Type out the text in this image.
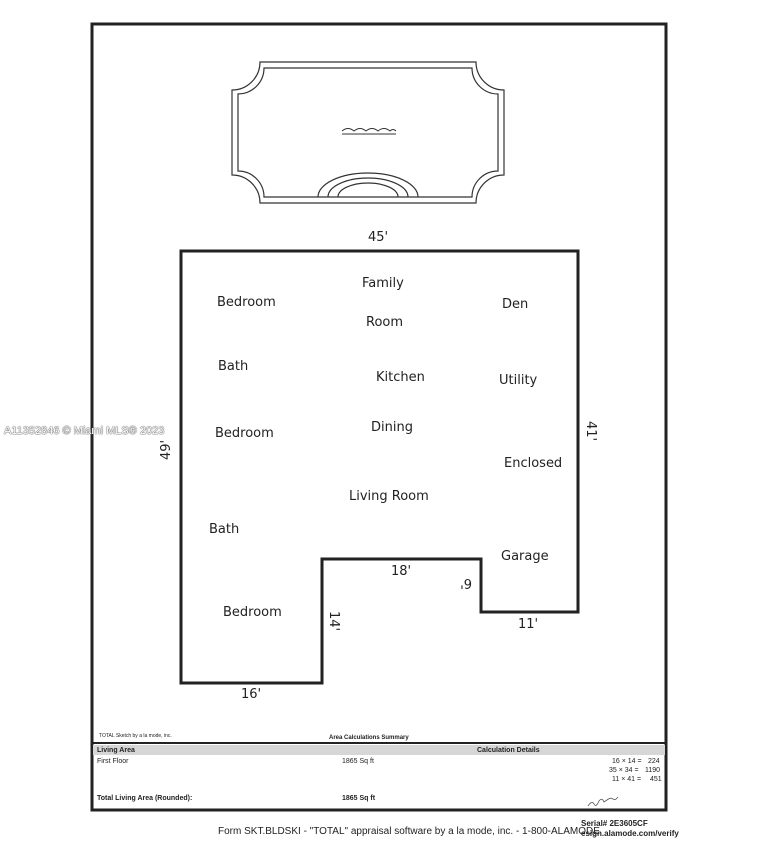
A11352846 © Miami MLS® 2023
Bedroom
Family
Room
Den
Bath
Kitchen	Utility
Bedroom	Dining
Enclosed
Living Room
Bath
Garage
Bedroom
45'
49'
41'
18'
6'
11'
14'
16'
TOTAL Sketch by a la mode, inc.	Area Calculations Summary
Living Area	Calculation Details
First Floor	1865 Sq ft
Total Living Area (Rounded):	1865 Sq ft
16 × 14 = 224
35 × 34 = 1190
11 × 41 = 451
Form SKT.BLDSKI - "TOTAL" appraisal software by a la mode, inc. - 1-800-ALAMODE
Serial# 2E3605CF
esign.alamode.com/verify
